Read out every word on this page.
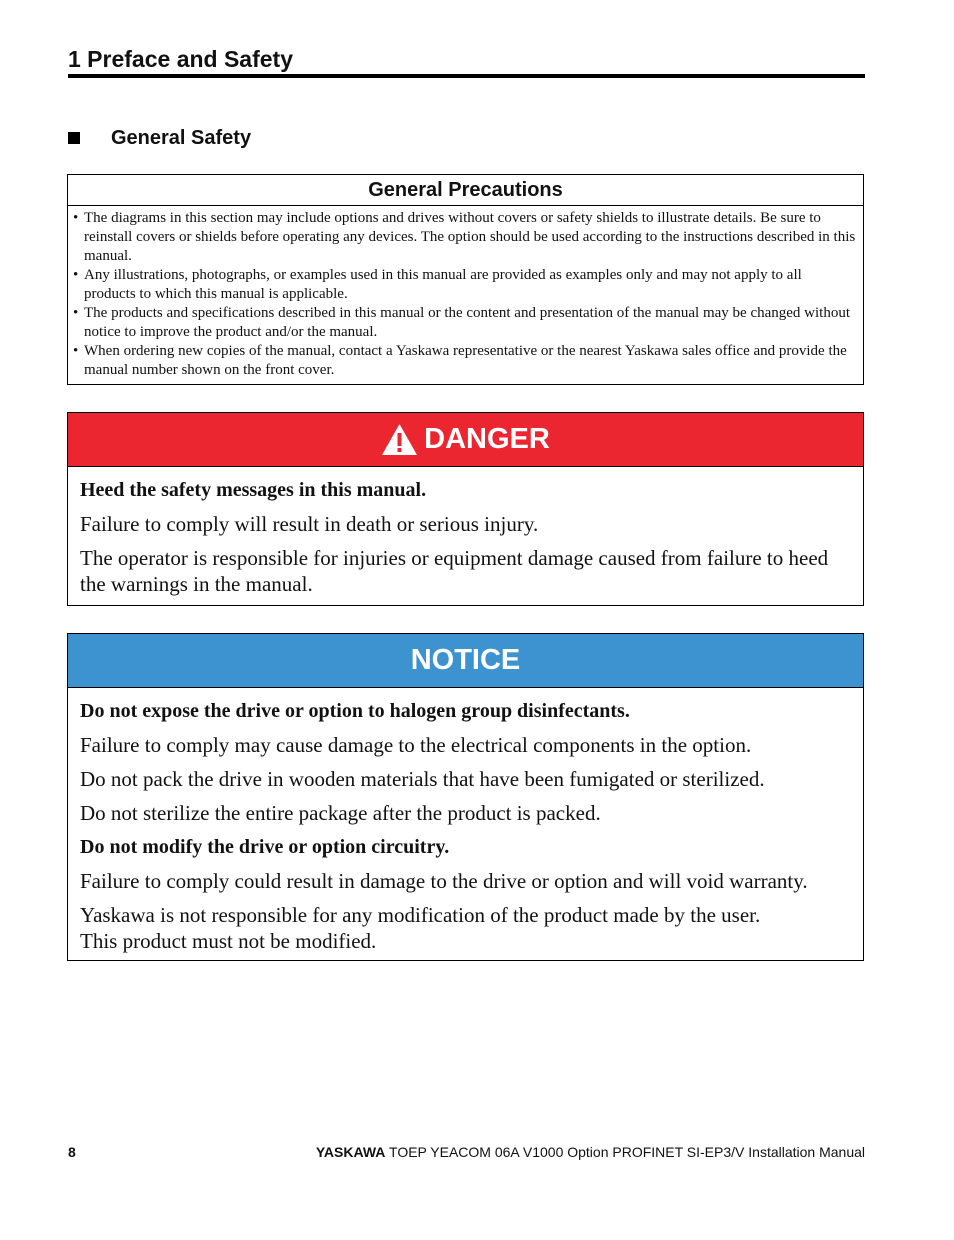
1 Preface and Safety
General Safety
General Precautions
• The diagrams in this section may include options and drives without covers or safety shields to illustrate details. Be sure to reinstall covers or shields before operating any devices. The option should be used according to the instructions described in this manual.
• Any illustrations, photographs, or examples used in this manual are provided as examples only and may not apply to all products to which this manual is applicable.
• The products and specifications described in this manual or the content and presentation of the manual may be changed without notice to improve the product and/or the manual.
• When ordering new copies of the manual, contact a Yaskawa representative or the nearest Yaskawa sales office and provide the manual number shown on the front cover.
DANGER

Heed the safety messages in this manual.

Failure to comply will result in death or serious injury.

The operator is responsible for injuries or equipment damage caused from failure to heed the warnings in the manual.

NOTICE

Do not expose the drive or option to halogen group disinfectants.

Failure to comply may cause damage to the electrical components in the option.

Do not pack the drive in wooden materials that have been fumigated or sterilized.

Do not sterilize the entire package after the product is packed.

Do not modify the drive or option circuitry.

Failure to comply could result in damage to the drive or option and will void warranty.

Yaskawa is not responsible for any modification of the product made by the user.

This product must not be modified.

8	YASKAWA TOEP YEACOM 06A V1000 Option PROFINET SI-EP3/V Installation Manual
